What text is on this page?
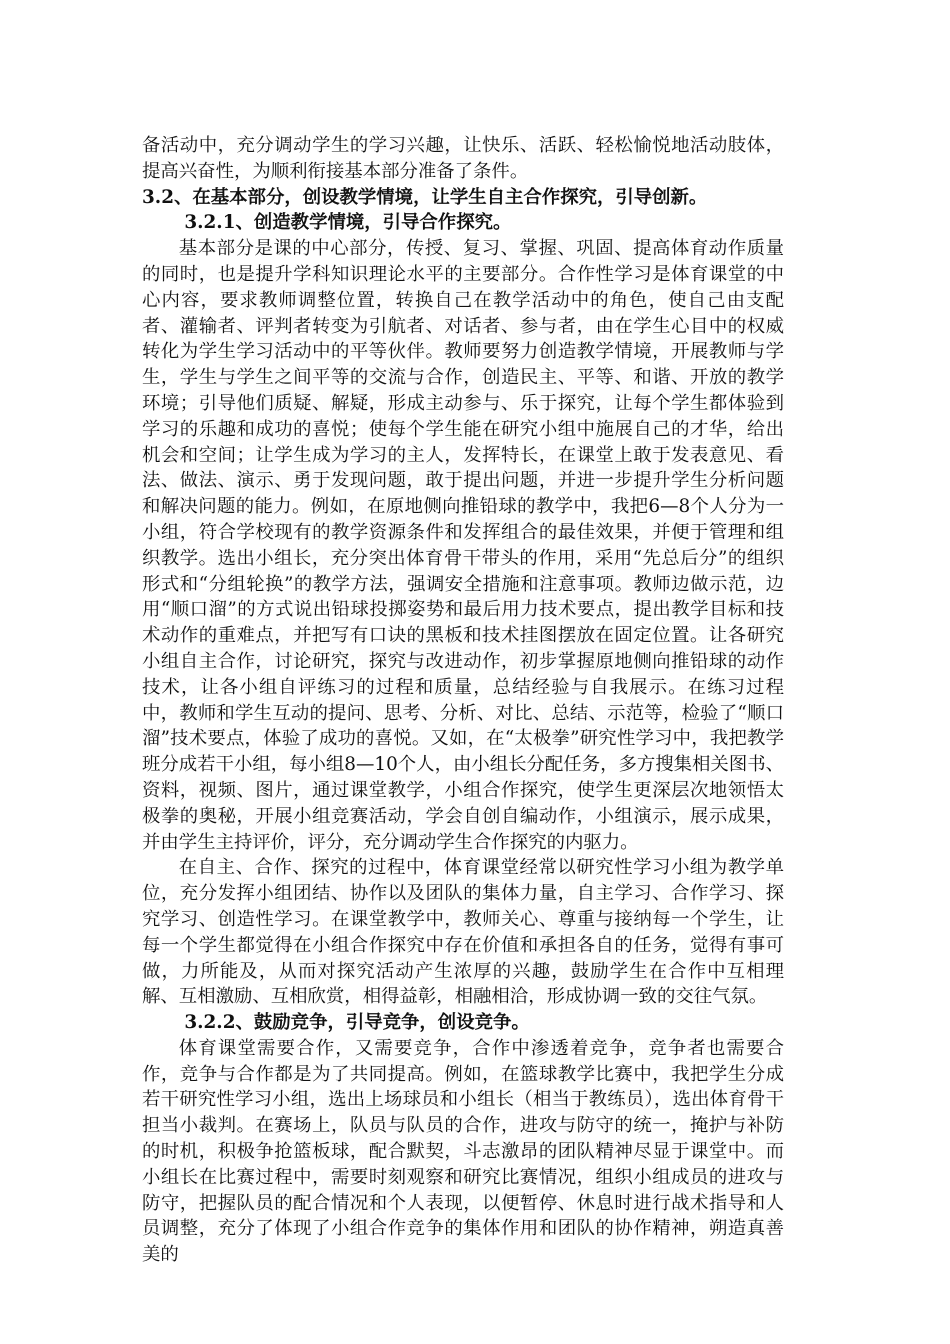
备活动中，充分调动学生的学习兴趣，让快乐、活跃、轻松愉悦地活动肢体，提高兴奋性，为顺利衔接基本部分准备了条件。

3.2、在基本部分，创设教学情境，让学生自主合作探究，引导创新。

3.2.1、创造教学情境，引导合作探究。

基本部分是课的中心部分，传授、复习、掌握、巩固、提高体育动作质量的同时，也是提升学科知识理论水平的主要部分。合作性学习是体育课堂的中心内容，要求教师调整位置，转换自己在教学活动中的角色，使自己由支配者、灌输者、评判者转变为引航者、对话者、参与者，由在学生心目中的权威转化为学生学习活动中的平等伙伴。教师要努力创造教学情境，开展教师与学生，学生与学生之间平等的交流与合作，创造民主、平等、和谐、开放的教学环境；引导他们质疑、解疑，形成主动参与、乐于探究，让每个学生都体验到学习的乐趣和成功的喜悦；使每个学生能在研究小组中施展自己的才华，给出机会和空间；让学生成为学习的主人，发挥特长，在课堂上敢于发表意见、看法、做法、演示、勇于发现问题，敢于提出问题，并进一步提升学生分析问题和解决问题的能力。例如，在原地侧向推铅球的教学中，我把6—8个人分为一小组，符合学校现有的教学资源条件和发挥组合的最佳效果，并便于管理和组织教学。选出小组长，充分突出体育骨干带头的作用，采用“先总后分”的组织形式和“分组轮换”的教学方法，强调安全措施和注意事项。教师边做示范，边用“顺口溜”的方式说出铅球投掷姿势和最后用力技术要点，提出教学目标和技术动作的重难点，并把写有口诀的黑板和技术挂图摆放在固定位置。让各研究小组自主合作，讨论研究，探究与改进动作，初步掌握原地侧向推铅球的动作技术，让各小组自评练习的过程和质量，总结经验与自我展示。在练习过程中，教师和学生互动的提问、思考、分析、对比、总结、示范等，检验了“顺口溜”技术要点，体验了成功的喜悦。又如，在“太极拳”研究性学习中，我把教学班分成若干小组，每小组8—10个人，由小组长分配任务，多方搜集相关图书、资料，视频、图片，通过课堂教学，小组合作探究，使学生更深层次地领悟太极拳的奥秘，开展小组竞赛活动，学会自创自编动作，小组演示，展示成果，并由学生主持评价，评分，充分调动学生合作探究的内驱力。

在自主、合作、探究的过程中，体育课堂经常以研究性学习小组为教学单位，充分发挥小组团结、协作以及团队的集体力量，自主学习、合作学习、探究学习、创造性学习。在课堂教学中，教师关心、尊重与接纳每一个学生，让每一个学生都觉得在小组合作探究中存在价值和承担各自的任务，觉得有事可做，力所能及，从而对探究活动产生浓厚的兴趣，鼓励学生在合作中互相理解、互相激励、互相欣赏，相得益彰，相融相洽，形成协调一致的交往气氛。

3.2.2、鼓励竞争，引导竞争，创设竞争。

体育课堂需要合作，又需要竞争，合作中渗透着竞争，竞争者也需要合作，竞争与合作都是为了共同提高。例如，在篮球教学比赛中，我把学生分成若干研究性学习小组，选出上场球员和小组长（相当于教练员），选出体育骨干担当小裁判。在赛场上，队员与队员的合作，进攻与防守的统一，掩护与补防的时机，积极争抢篮板球，配合默契，斗志激昂的团队精神尽显于课堂中。而小组长在比赛过程中，需要时刻观察和研究比赛情况，组织小组成员的进攻与防守，把握队员的配合情况和个人表现，以便暂停、休息时进行战术指导和人员调整，充分了体现了小组合作竞争的集体作用和团队的协作精神，朔造真善美的
